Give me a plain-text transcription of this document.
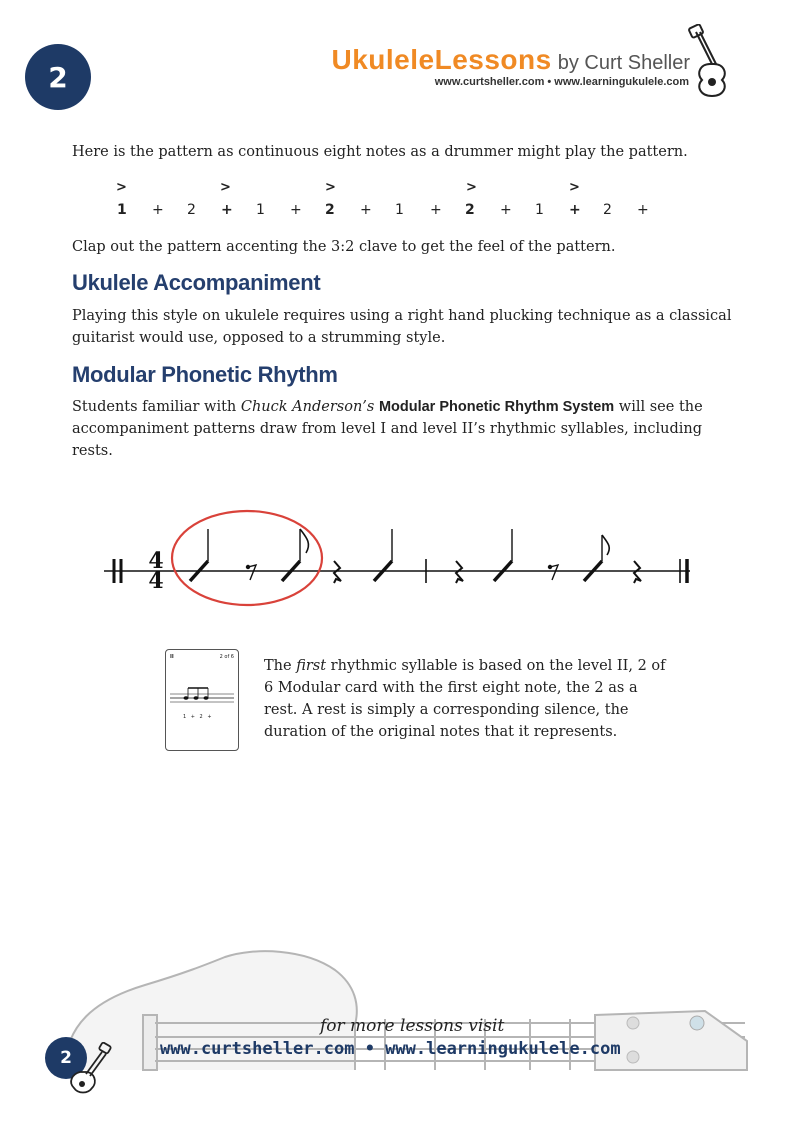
2
UkuleleLessons by Curt Sheller
www.curtsheller.com • www.learningukulele.com

Here is the pattern as continuous eight notes as a drummer might play the pattern.

>	>	>	>	>
1 + 2 + 1 + 2 + 1 + 2 + 1 + 2 +

Clap out the pattern accenting the 3:2 clave to get the feel of the pattern.

Ukulele Accompaniment

Playing this style on ukulele requires using a right hand plucking technique as a classical guitarist would use, opposed to a strumming style.

Modular Phonetic Rhythm

Students familiar with Chuck Anderson’s Modular Phonetic Rhythm System will see the accompaniment patterns draw from level I and level II’s rhythmic syllables, including rests.

4
4
II	2 of 6
1 + 2 +

The first rhythmic syllable is based on the level II, 2 of 6 Modular card with the first eight note, the 2 as a rest. A rest is simply a corresponding silence, the duration of the original notes that it represents.

for more lessons visit
www.curtsheller.com • www.learningukulele.com
2
